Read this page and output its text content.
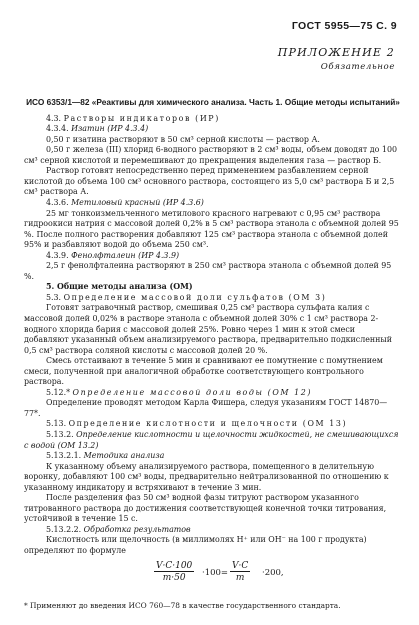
ГОСТ 5955—75 С. 9
ПРИЛОЖЕНИЕ 2
Обязательное
ИСО 6353/1—82 «Реактивы для химического анализа. Часть 1. Общие методы испытаний»

4.3. Растворы индикаторов (ИР)

4.3.4. Изатин (ИР 4.3.4)

0,50 г изатина растворяют в 50 см³ серной кислоты — раствор А.

0,50 г железа (III) хлорид 6-водного растворяют в 2 см³ воды, объем доводят до 100 см³ серной кислотой и перемешивают до прекращения выделения газа — раствор Б.

Раствор готовят непосредственно перед применением разбавлением серной кислотой до объема 100 см³ основного раствора, состоящего из 5,0 см³ раствора Б и 2,5 см³ раствора А.

4.3.6. Метиловый красный (ИР 4.3.6)

25 мг тонкоизмельченного метилового красного нагревают с 0,95 см³ раствора гидроокиси натрия с массовой долей 0,2% в 5 см³ раствора этанола с объемной долей 95 %. После полного растворения добавляют 125 см³ раствора этанола с объемной долей 95% и разбавляют водой до объема 250 см³.

4.3.9. Фенолфталеин (ИР 4.3.9)

2,5 г фенолфталеина растворяют в 250 см³ раствора этанола с объемной долей 95 %.

5. Общие методы анализа (ОМ)

5.3. Определение массовой доли сульфатов (ОМ 3)

Готовят затравочный раствор, смешивая 0,25 см³ раствора сульфата калия с массовой долей 0,02% в растворе этанола с объемной долей 30% с 1 см³ раствора 2-водного хлорида бария с массовой долей 25%. Ровно через 1 мин к этой смеси добавляют указанный объем анализируемого раствора, предварительно подкисленный 0,5 см³ раствора соляной кислоты с массовой долей 20 %.

Смесь отстаивают в течение 5 мин и сравнивают ее помутнение с помутнением смеси, полученной при аналогичной обработке соответствующего контрольного раствора.

5.12.* Определение массовой доли воды (ОМ 12)

Определение проводят методом Карла Фишера, следуя указаниям ГОСТ 14870—77*.

5.13. Определение кислотности и щелочности (ОМ 13)

5.13.2. Определение кислотности и щелочности жидкостей, не смешивающихся с водой (ОМ 13.2)

5.13.2.1. Методика анализа

К указанному объему анализируемого раствора, помещенного в делительную воронку, добавляют 100 см³ воды, предварительно нейтрализованной по отношению к указанному индикатору и встряхивают в течение 3 мин.

После разделения фаз 50 см³ водной фазы титруют раствором указанного титрованного раствора до достижения соответствующей конечной точки титрования, устойчивой в течение 15 с.

5.13.2.2. Обработка результатов

Кислотность или щелочность (в миллимолях H⁺ или OH⁻ на 100 г продукта) определяют по формуле

$\frac{V\cdot C\cdot 100}{m\cdot 50} \cdot 100= \frac{V\cdot C}{m} \cdot 200$,

* Применяют до введения ИСО 760—78 в качестве государственного стандарта.
